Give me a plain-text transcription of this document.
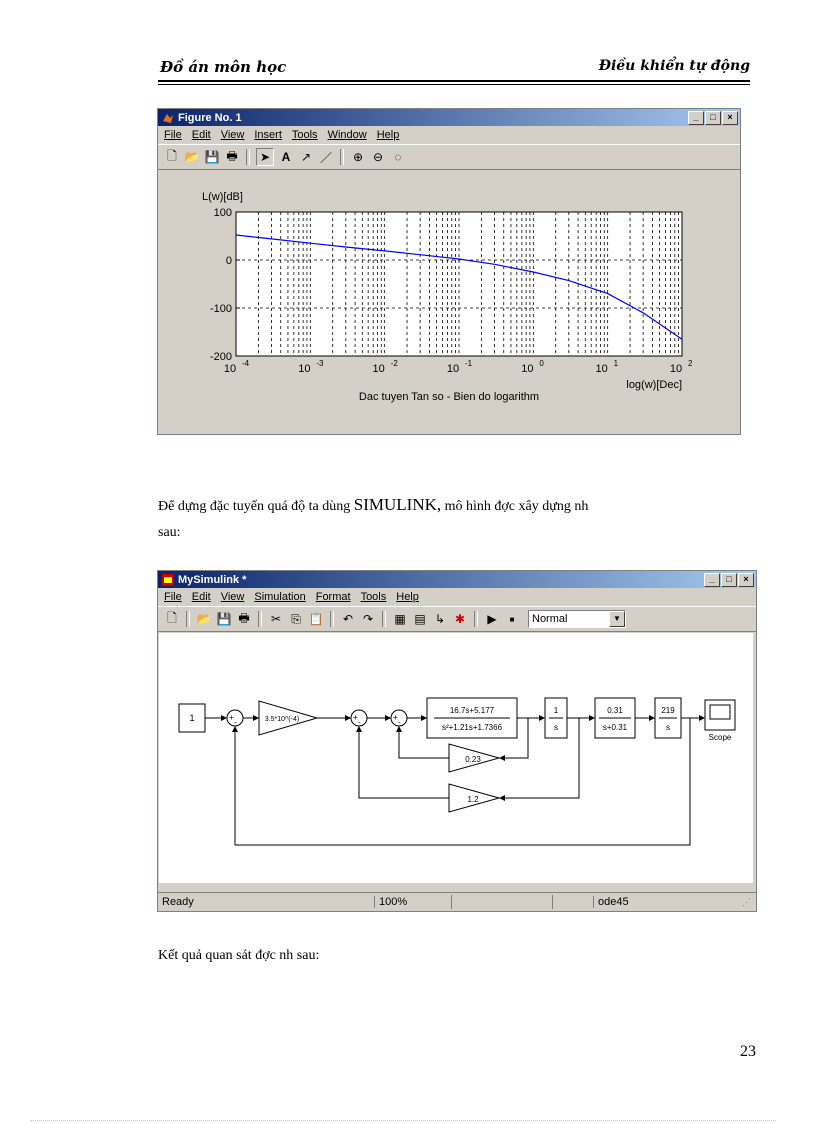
Đồ án môn học	Điều khiển tự động
Figure No. 1	_	□	×
File Edit View Insert Tools Window Help
🗋 📂 💾 🖶	➤ A ↗ ／ ⊕ ⊖ ◌
100
0
-100
-200
10 -4	10 -3	10 -2	10 -1	10 0	10 1	10 2
L(w)[dB]
log(w)[Dec]
Dac tuyen Tan so - Bien do logarithm
Để dựng đặc tuyến quá độ ta dùng SIMULINK, mô hình đợc xây dựng nh
sau:
MySimulink *	_	□	×
File Edit View Simulation Format Tools Help
🗋 📂 💾 🖶 ✂ ⎘ 📋 ↶ ↷ ▦ ▤ ↳ ✱ ▶	■	Normal	▼
1	+
-	3.5*10^(-4)	+
-
+
-
16.7s+5.177
s²+1.21s+1.7366
1
s
0.31
s+0.31
219
s
Scope
0.23
1.2
Ready	100%	ode45	⋰
Kết quả quan sát đợc nh sau:
23
